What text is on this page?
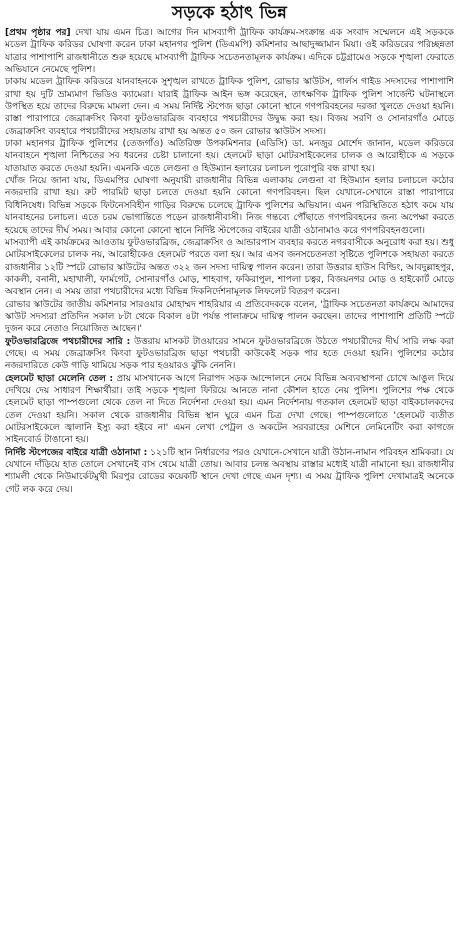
সড়কে হঠাৎ ভিন্ন

[প্রথম পৃষ্ঠার পর] দেখা যায় এমন চিত্র। আগের দিন মাসব্যাপী ট্রাফিক কার্যক্রম-সংক্রান্ত এক সংবাদ সম্মেলনে এই সড়ককে মডেল ট্রাফিক করিডর ঘোষণা করেন ঢাকা মহানগর পুলিশ (ডিএমপি) কমিশনার আছাদুজ্জামান মিয়া। ওই করিডরের পরিচ্ছন্নতা যাত্রার পাশাপাশি রাজধানীতে শুরু হয়েছে মাসব্যাপী ট্রাফিক সচেতনতামূলক কার্যক্রম। এদিকে চট্টগ্রামেও সড়কে শৃঙ্খলা ফেরাতে অভিযানে নেমেছে পুলিশ।

ঢাকায় মডেল ট্রাফিক করিডরে যানবাহনকে সুশৃঙ্খল রাখতে ট্রাফিক পুলিশ, রোভার স্কাউটস, গার্লস গাইড সদস্যদের পাশাপাশি রাখা হয় দুটি ভ্রাম্যমাণ ভিডিও ক্যামেরা। যারাই ট্রাফিক আইন ভঙ্গ করেছেন, তাৎক্ষণিক ট্রাফিক পুলিশ সার্জেন্ট ঘটনাস্থলে উপস্থিত হয়ে তাদের বিরুদ্ধে মামলা দেন। এ সময় নির্দিষ্ট স্টপেজ ছাড়া কোনো স্থানে গণপরিবহনের দরজা খুলতে দেওয়া হয়নি। রাস্তা পারাপারে জেব্রাক্রসিং কিংবা ফুটওভারব্রিজ ব্যবহারে পথচারীদের উদ্বুদ্ধ করা হয়। বিজয় সরণি ও সোনারগাঁও মোড়ে জেব্রাক্রসিং ব্যবহারে পথচারীদের সহায়তায় রাখা হয় অন্তত ৫০ জন রোভার স্কাউটস সদস্য।

ঢাকা মহানগর ট্রাফিক পুলিশের (তেজগাঁও) অতিরিক্ত উপকমিশনার (এডিসি) ডা. মনজুর মোর্শেদ জানান, মডেল করিডরে যানবাহনে শৃঙ্খলা নিশ্চিতের সব ধরনের চেষ্টা চালানো হয়। হেলমেট ছাড়া মোটরসাইকেলের চালক ও আরোহীকে এ সড়কে যাতায়াত করতে দেওয়া হয়নি। এমনকি এতে লেগুনা ও হিউম্যান হলারের চলাচল পুরোপুরি বন্ধ রাখা হয়।

খোঁজ নিয়ে জানা যায়, ডিএমপির ঘোষণা অনুযায়ী রাজধানীর বিভিন্ন এলাকায় লেগুনা বা হিউম্যান হলার চলাচলে কঠোর নজরদারি রাখা হয়। রুট পারমিট ছাড়া চলতে দেওয়া হয়নি কোনো গণপরিবহন। ছিল যেখানে-সেখানে রাস্তা পারাপারে বিধিনিষেধ। বিভিন্ন সড়কে ফিটনেসবিহীন গাড়ির বিরুদ্ধে চলেছে ট্রাফিক পুলিশের অভিযান। এমন পরিস্থিতিতে হঠাৎ কমে যায় যানবাহনের চলাচল। এতে চরম ভোগান্তিতে পড়েন রাজধানীবাসী। নিজ গন্তব্যে পৌঁছাতে গণপরিবহনের জন্য অপেক্ষা করতে হয়েছে তাদের দীর্ঘ সময়। আবার কোনো কোনো স্থানে নির্দিষ্ট স্টপেজের বাইরের যাত্রী ওঠানামাও করে গণপরিবহনগুলো।

মাসব্যাপী এই কার্যক্রমের আওতায় ফুটওভারব্রিজ, জেব্রাক্রসিং ও আন্ডারপাস ব্যবহার করতে নগরবাসীকে অনুরোধ করা হয়। শুধু মোটরসাইকেলের চালক নয়, আরোহীকেও হেলমেট পরতে বলা হয়। আর এসব জনসচেতনতা সৃষ্টিতে পুলিশকে সহায়তা করতে রাজধানীর ১২টি স্পটে রোভার স্কাউটের অন্তত ৩২২ জন সদস্য দায়িত্ব পালন করেন। তারা উত্তরার হাউস বিল্ডিং, আবদুল্লাহপুর, কাকলী, বনানী, মহাখালী, ফার্মগেট, সোনারগাঁও মোড়, শাহবাগ, ফকিরাপুল, শাপলা চত্বর, বিজয়নগর মোড় ও হাইকোর্ট মোড়ে অবস্থান নেন। এ সময় তারা পথচারীদের মধ্যে বিভিন্ন দিকনির্দেশনামূলক লিফলেট বিতরণ করেন।

রোভার স্কাউটের জাতীয় কমিশনার সারওয়ার মোহাম্মদ শাহরিয়ার এ প্রতিবেদককে বলেন, 'ট্রাফিক সচেতনতা কার্যক্রমে আমাদের স্কাউট সদস্যরা প্রতিদিন সকাল ৮টা থেকে বিকাল ৪টা পর্যন্ত পালাক্রমে দায়িত্ব পালন করছেন। তাদের পাশাপাশি প্রতিটি স্পটে দুজন করে নেতাও নিয়োজিত আছেন।'

ফুটওভারব্রিজে পথচারীদের সারি : উত্তরায় মাসকট টাওয়ারের সামনে ফুটওভারব্রিজে উঠতে পথচারীদের দীর্ঘ সারি লক্ষ করা গেছে। এ সময় জেব্রাক্রসিং কিংবা ফুটওভারব্রিজ ছাড়া পথচারী কাউকেই সড়ক পার হতে দেওয়া হয়নি। পুলিশের কঠোর নজরদারিতে কেউ গাড়ি থামিয়ে সড়ক পার হওয়ারও ঝুঁকি নেননি।

হেলমেট ছাড়া মেলেনি তেল : প্রায় মাসখানেক আগে নিরাপদ সড়ক আন্দোলনে নেমে বিভিন্ন অব্যবস্থাপনা চোখে আঙুল দিয়ে দেখিয়ে দেয় সাধারণ শিক্ষার্থীরা। তাই সড়কে শৃঙ্খলা ফিরিয়ে আনতে নানা কৌশল হাতে নেয় পুলিশ। পুলিশের পক্ষ থেকে হেলমেট ছাড়া পাম্পগুলো থেকে তেল না দিতে নির্দেশনা দেওয়া হয়। এমন নির্দেশনায় গতকাল হেলমেট ছাড়া বাইকচালকদের তেল দেওয়া হয়নি। সকাল থেকে রাজধানীর বিভিন্ন স্থান ঘুরে এমন চিত্র দেখা গেছে। পাম্পগুলোতে 'হেলমেট ব্যতীত মোটরসাইকেলে জ্বালানি ইস্যু করা হইবে না' এমন লেখা পেট্রল ও অকটেন সরবরাহের মেশিনে লেমিনেটিং করা কাগজে সাইনবোর্ড টাঙানো হয়।

নির্দিষ্ট স্টপেজের বাইরে যাত্রী ওঠানামা : ১২১টি স্থান নির্ধারণের পরও যেখানে-সেখানে যাত্রী উঠান-নামান পরিবহন শ্রমিকরা। যে যেখানে দাঁড়িয়ে হাত তোলে সেখানেই বাস থেমে যাত্রী তোয়। আবার চলন্ত অবস্থায় রাস্তার মধ্যেই যাত্রী নামানো হয়। রাজধানীর শ্যামলী থেকে নিউমার্কেটমুখী মিরপুর রোডের কয়েকটি স্থানে দেখা গেছে এমন দৃশ্য। এ সময় ট্রাফিক পুলিশ দেখামাত্রই অনেকে গেট লক করে দেয়।
